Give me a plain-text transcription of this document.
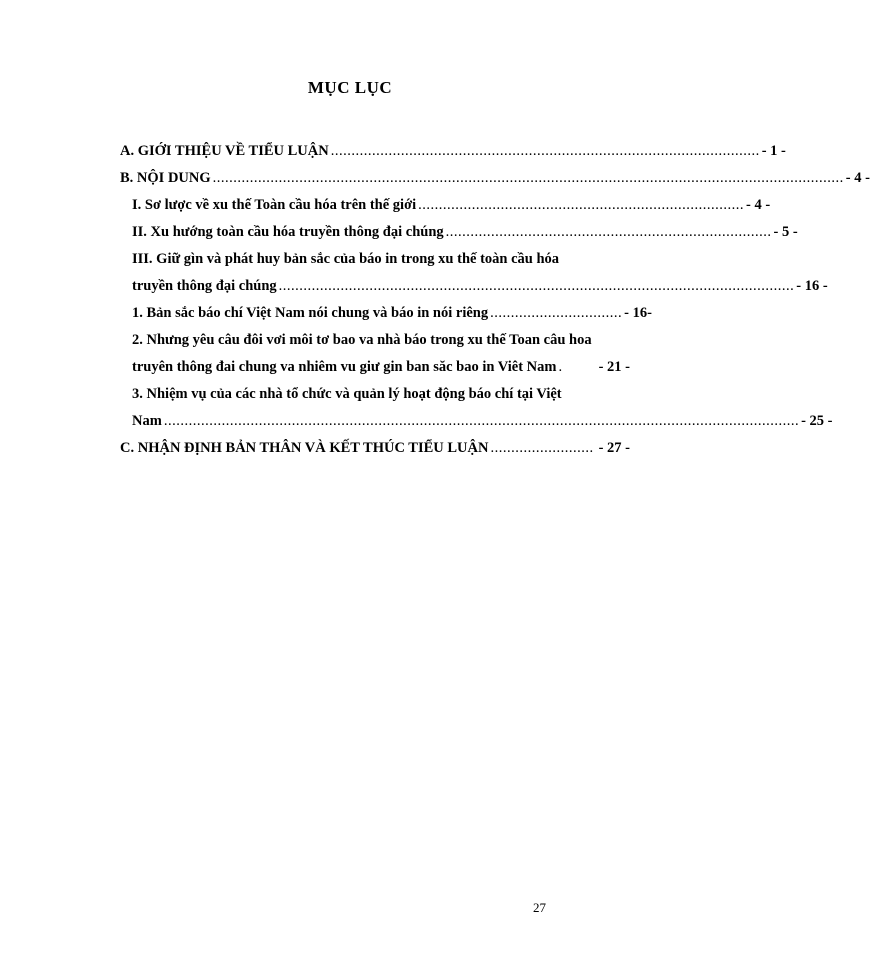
MỤC LỤC
A. GIỚI THIỆU VỀ TIỂU LUẬN ........................................................................................................ - 1 -
B. NỘI DUNG ......................................................................................................................................................... - 4 -
I. Sơ lược về xu thế Toàn cầu hóa trên thế giới ............................................................................... - 4 -
II. Xu hướng toàn cầu hóa truyền thông đại chúng ............................................................................... - 5 -
III. Giữ gìn và phát huy bản sắc của báo in trong xu thế toàn cầu hóa
truyền thông đại chúng ............................................................................................................................. - 16 -
1. Bản sắc báo chí Việt Nam nói chung và báo in nói riêng ................................ - 16-
2. Nhưng yêu câu đôi vơi môi tơ bao va nhà báo trong xu thế Toan câu hoa
truyên thông đai chung va nhiêm vu giư gin ban săc bao in Viêt Nam .	- 21 -
3. Nhiệm vụ của các nhà tổ chức và quản lý hoạt động báo chí tại Việt
Nam .......................................................................................................................................................... - 25 -
C. NHẬN ĐỊNH BẢN THÂN VÀ KẾT THÚC TIỂU LUẬN ......................... - 27 -
27
